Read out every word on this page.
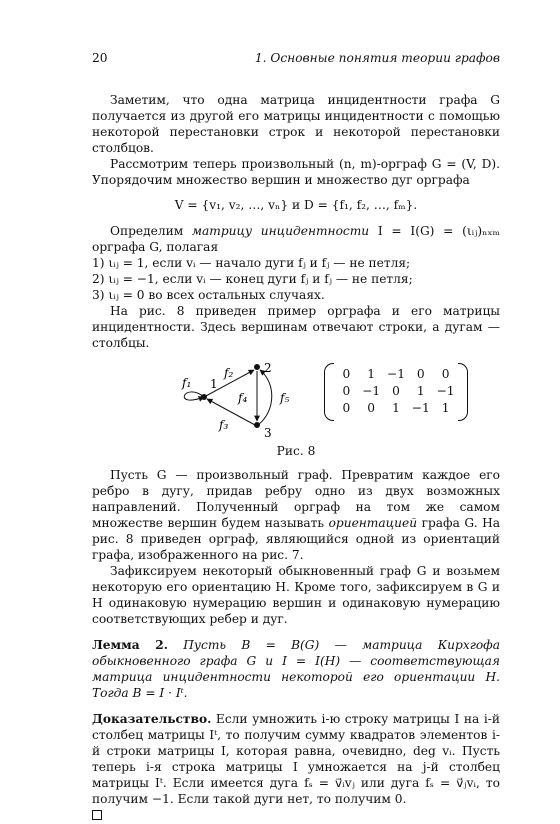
20	1. Основные понятия теории графов

Заметим, что одна матрица инцидентности графа G получается из другой его матрицы инцидентности с помощью некоторой перестановки строк и некоторой перестановки столбцов.

Рассмотрим теперь произвольный (n, m)-орграф G = (V, D). Упорядочим множество вершин и множество дуг орграфа

V = {v₁, v₂, …, vₙ} и D = {f₁, f₂, …, fₘ}.

Определим матрицу инцидентности I = I(G) = (ιᵢⱼ)ₙₓₘ орграфа G, полагая

1) ιᵢⱼ = 1, если vᵢ — начало дуги fⱼ и fⱼ — не петля;

2) ιᵢⱼ = −1, если vᵢ — конец дуги fⱼ и fⱼ — не петля;

3) ιᵢⱼ = 0 во всех остальных случаях.

На рис. 8 приведен пример орграфа и его матрицы инцидентности. Здесь вершинам отвечают строки, а дугам — столбцы.

1
2
3
f₁
f₂
f₃
f₄	f₅
0	1 −1 0	0
0 −1 0	1 −1
0	0	1 −1 1
Рис. 8

Пусть G — произвольный граф. Превратим каждое его ребро в дугу, придав ребру одно из двух возможных направлений. Полученный орграф на том же самом множестве вершин будем называть ориентацией графа G. На рис. 8 приведен орграф, являющийся одной из ориентаций графа, изображенного на рис. 7.

Зафиксируем некоторый обыкновенный граф G и возьмем некоторую его ориентацию H. Кроме того, зафиксируем в G и H одинаковую нумерацию вершин и одинаковую нумерацию соответствующих ребер и дуг.

Лемма 2. Пусть B = B(G) — матрица Кирхгофа обыкновенного графа G и I = I(H) — соответствующая матрица инцидентности некоторой его ориентации H. Тогда B = I · Iᵗ.

Доказательство. Если умножить i-ю строку матрицы I на i-й столбец матрицы Iᵗ, то получим сумму квадратов элементов i-й строки матрицы I, которая равна, очевидно, deg vᵢ. Пусть теперь i-я строка матрицы I умножается на j-й столбец матрицы Iᵗ. Если имеется дуга fₛ = v⃗ᵢvⱼ или дуга fₛ = v⃗ⱼvᵢ, то получим −1. Если такой дуги нет, то получим 0.
